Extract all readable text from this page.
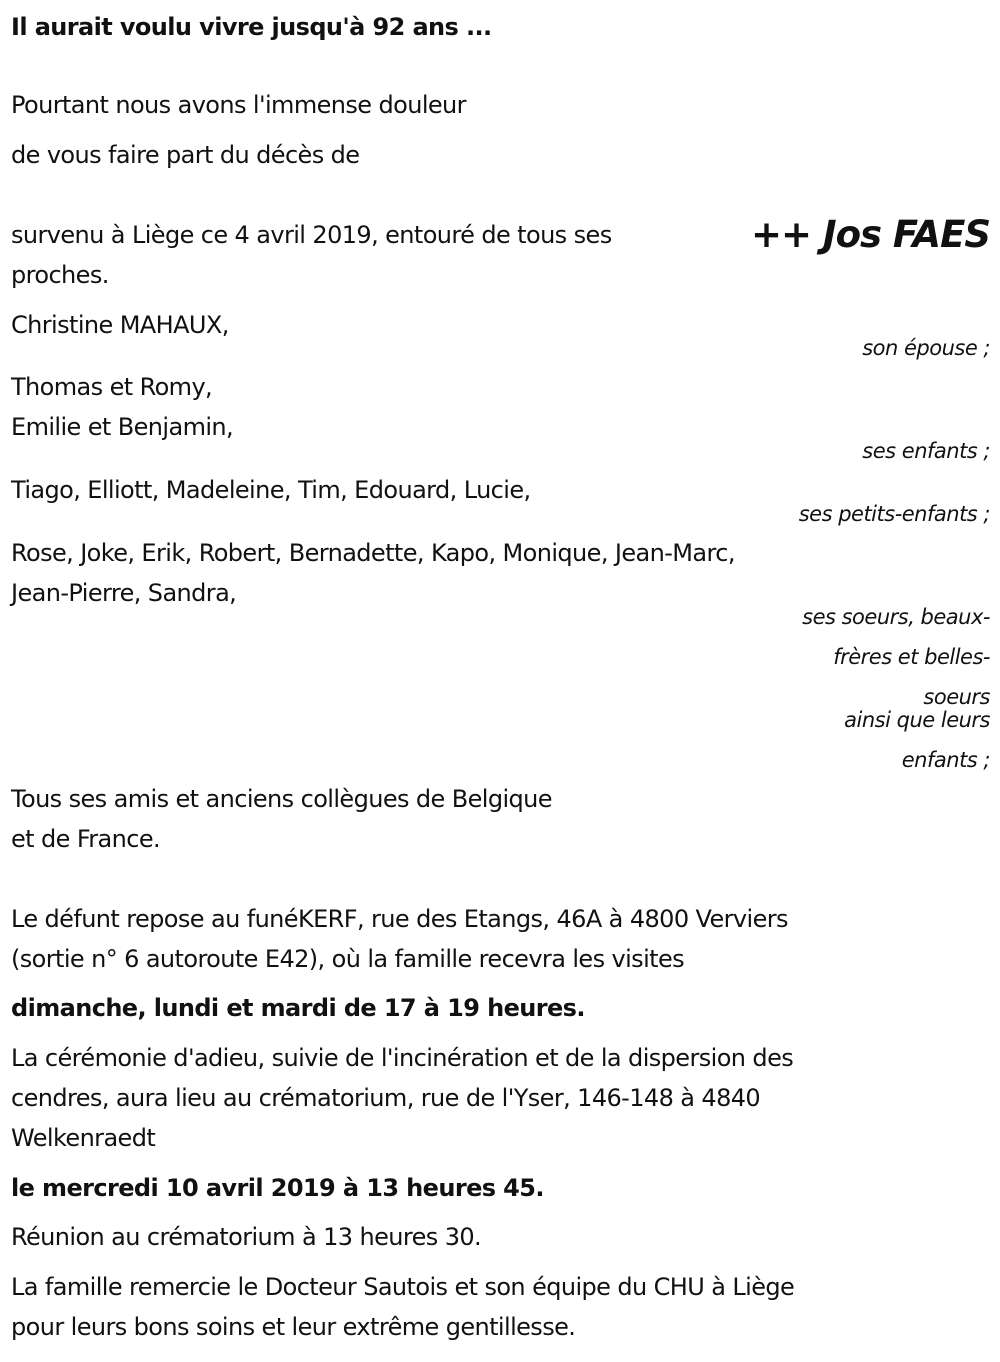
Il aurait voulu vivre jusqu'à 92 ans ...
Pourtant nous avons l'immense douleur
de vous faire part du décès de
++ Jos FAES
survenu à Liège ce 4 avril 2019, entouré de tous ses
proches.
Christine MAHAUX,
son épouse ;
Thomas et Romy,
Emilie et Benjamin,
ses enfants ;
Tiago, Elliott, Madeleine, Tim, Edouard, Lucie,
ses petits-enfants ;
Rose, Joke, Erik, Robert, Bernadette, Kapo, Monique, Jean-Marc,
Jean-Pierre, Sandra,
ses soeurs, beaux-
frères et belles-
soeurs
ainsi que leurs
enfants ;
Tous ses amis et anciens collègues de Belgique
et de France.
Le défunt repose au funéKERF, rue des Etangs, 46A à 4800 Verviers
(sortie n° 6 autoroute E42), où la famille recevra les visites
dimanche, lundi et mardi de 17 à 19 heures.
La cérémonie d'adieu, suivie de l'incinération et de la dispersion des
cendres, aura lieu au crématorium, rue de l'Yser, 146-148 à 4840
Welkenraedt
le mercredi 10 avril 2019 à 13 heures 45.
Réunion au crématorium à 13 heures 30.
La famille remercie le Docteur Sautois et son équipe du CHU à Liège
pour leurs bons soins et leur extrême gentillesse.
